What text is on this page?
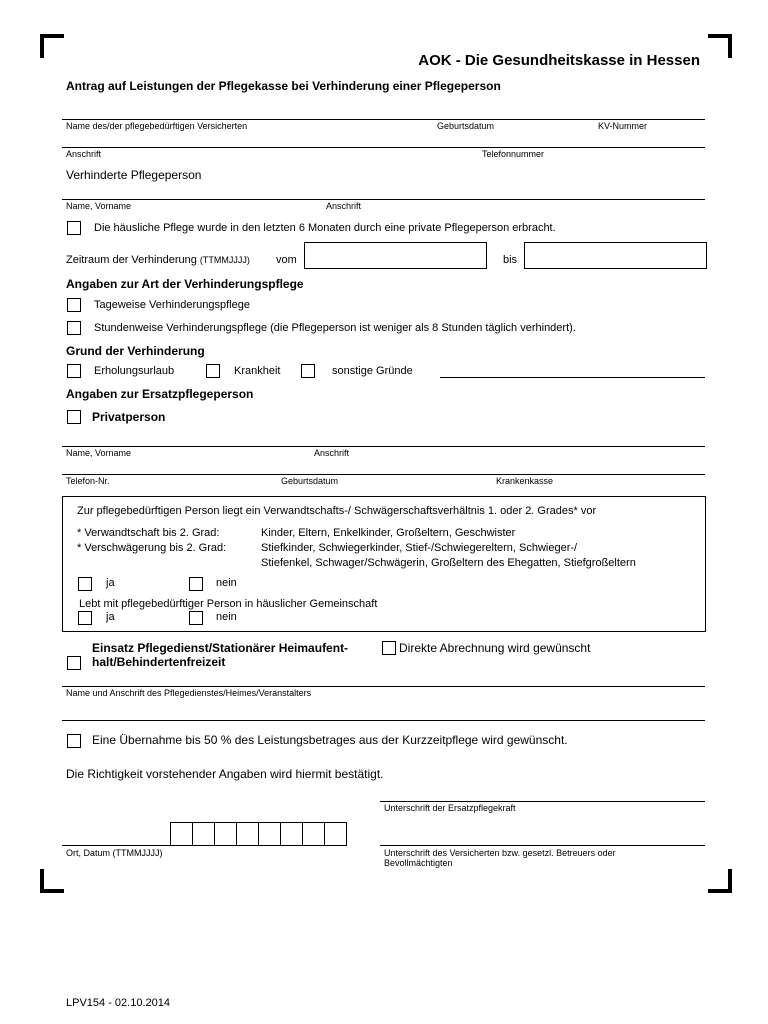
AOK - Die Gesundheitskasse in Hessen
Antrag auf Leistungen der Pflegekasse bei Verhinderung einer Pflegeperson
Name des/der pflegebedürftigen Versicherten	Geburtsdatum	KV-Nummer
Anschrift	Telefonnummer
Verhinderte Pflegeperson
Name, Vorname	Anschrift
Die häusliche Pflege wurde in den letzten 6 Monaten durch eine private Pflegeperson erbracht.
Zeitraum der Verhinderung (TTMMJJJJ) vom	bis
Angaben zur Art der Verhinderungspflege
Tageweise Verhinderungspflege
Stundenweise Verhinderungspflege (die Pflegeperson ist weniger als 8 Stunden täglich verhindert).
Grund der Verhinderung
Erholungsurlaub	Krankheit	sonstige Gründe
Angaben zur Ersatzpflegeperson
Privatperson
Name, Vorname	Anschrift
Telefon-Nr.	Geburtsdatum	Krankenkasse
Zur pflegebedürftigen Person liegt ein Verwandtschafts-/ Schwägerschaftsverhältnis 1. oder 2. Grades* vor
* Verwandtschaft bis 2. Grad:	Kinder, Eltern, Enkelkinder, Großeltern, Geschwister
* Verschwägerung bis 2. Grad:	Stiefkinder, Schwiegerkinder, Stief-/Schwiegereltern, Schwieger-/
Stiefenkel, Schwager/Schwägerin, Großeltern des Ehegatten, Stiefgroßeltern
ja	nein
Lebt mit pflegebedürftiger Person in häuslicher Gemeinschaft
ja	nein
Einsatz Pflegedienst/Stationärer Heimaufent-
halt/Behindertenfreizeit
Direkte Abrechnung wird gewünscht
Name und Anschrift des Pflegedienstes/Heimes/Veranstalters
Eine Übernahme bis 50 % des Leistungsbetrages aus der Kurzzeitpflege wird gewünscht.
Die Richtigkeit vorstehender Angaben wird hiermit bestätigt.
Unterschrift der Ersatzpflegekraft
Ort, Datum (TTMMJJJJ)	Unterschrift des Versicherten bzw. gesetzl. Betreuers oder
Bevollmächtigten
LPV154 - 02.10.2014
